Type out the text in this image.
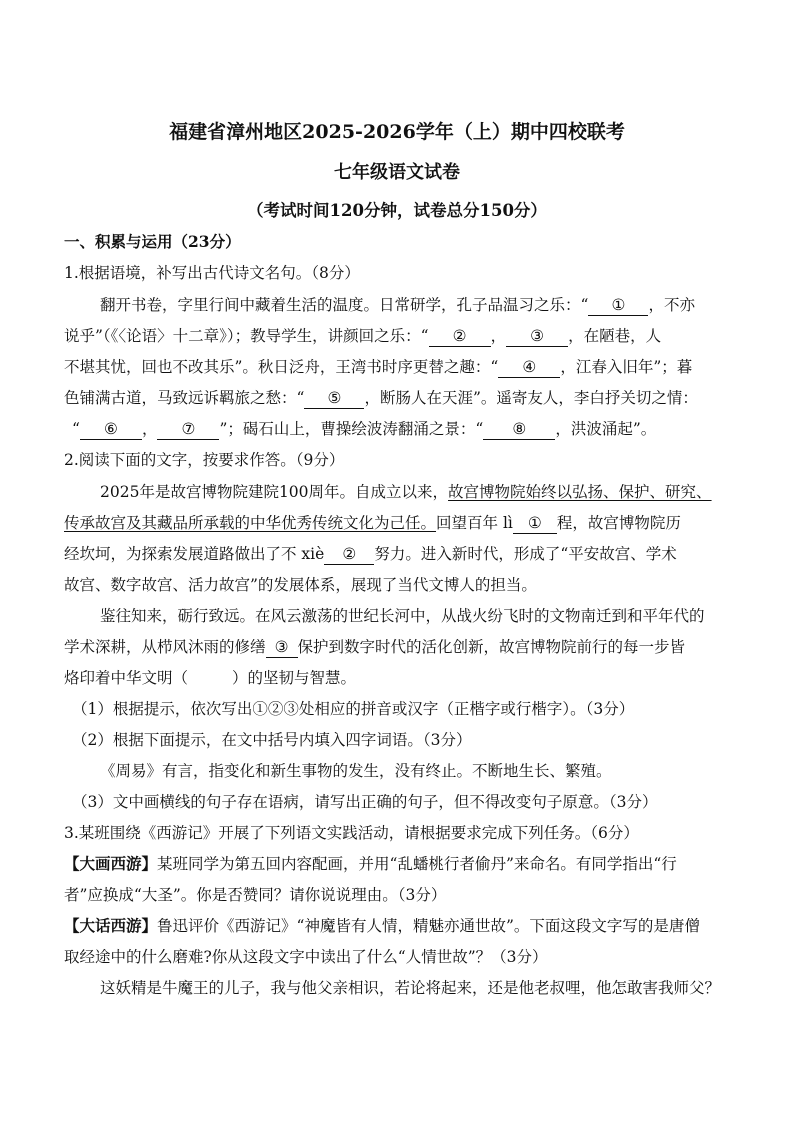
福建省漳州地区2025-2026学年（上）期中四校联考
七年级语文试卷
（考试时间120分钟，试卷总分150分）
一、积累与运用（23分）
1.根据语境，补写出古代诗文名句。（8分）
翻开书卷，字里行间中藏着生活的温度。日常研学，孔子品温习之乐：“ ① ，不亦
说乎”（《〈论语〉十二章》）；教导学生，讲颜回之乐：“ ② ， ③ ，在陋巷，人
不堪其忧，回也不改其乐”。秋日泛舟，王湾书时序更替之趣：“ ④ ，江春入旧年”；暮
色铺满古道，马致远诉羁旅之愁：“ ⑤ ，断肠人在天涯”。遥寄友人，李白抒关切之情：
“ ⑥ ， ⑦ ”；碣石山上，曹操绘波涛翻涌之景：“ ⑧ ，洪波涌起”。
2.阅读下面的文字，按要求作答。（9分）
2025年是故宫博物院建院100周年。自成立以来，故宫博物院始终以弘扬、保护、研究、
传承故宫及其藏品所承载的中华优秀传统文化为己任。回望百年 lì ① 程，故宫博物院历
经坎坷，为探索发展道路做出了不 xiè ② 努力。进入新时代，形成了“平安故宫、学术
故宫、数字故宫、活力故宫”的发展体系，展现了当代文博人的担当。
鉴往知来，砺行致远。在风云激荡的世纪长河中，从战火纷飞时的文物南迁到和平年代的
学术深耕，从栉风沐雨的修缮 ③ 保护到数字时代的活化创新，故宫博物院前行的每一步皆
烙印着中华文明（	）的坚韧与智慧。
（1）根据提示，依次写出①②③处相应的拼音或汉字（正楷字或行楷字）。（3分）
（2）根据下面提示，在文中括号内填入四字词语。（3分）
《周易》有言，指变化和新生事物的发生，没有终止。不断地生长、繁殖。
（3）文中画横线的句子存在语病，请写出正确的句子，但不得改变句子原意。（3分）
3.某班围绕《西游记》开展了下列语文实践活动，请根据要求完成下列任务。（6分）
【大画西游】某班同学为第五回内容配画，并用“乱蟠桃行者偷丹”来命名。有同学指出“行
者”应换成“大圣”。你是否赞同？请你说说理由。（3分）
【大话西游】鲁迅评价《西游记》“神魔皆有人情，精魅亦通世故”。下面这段文字写的是唐僧
取经途中的什么磨难?你从这段文字中读出了什么“人情世故”？（3分）
这妖精是牛魔王的儿子，我与他父亲相识，若论将起来，还是他老叔哩，他怎敢害我师父？
